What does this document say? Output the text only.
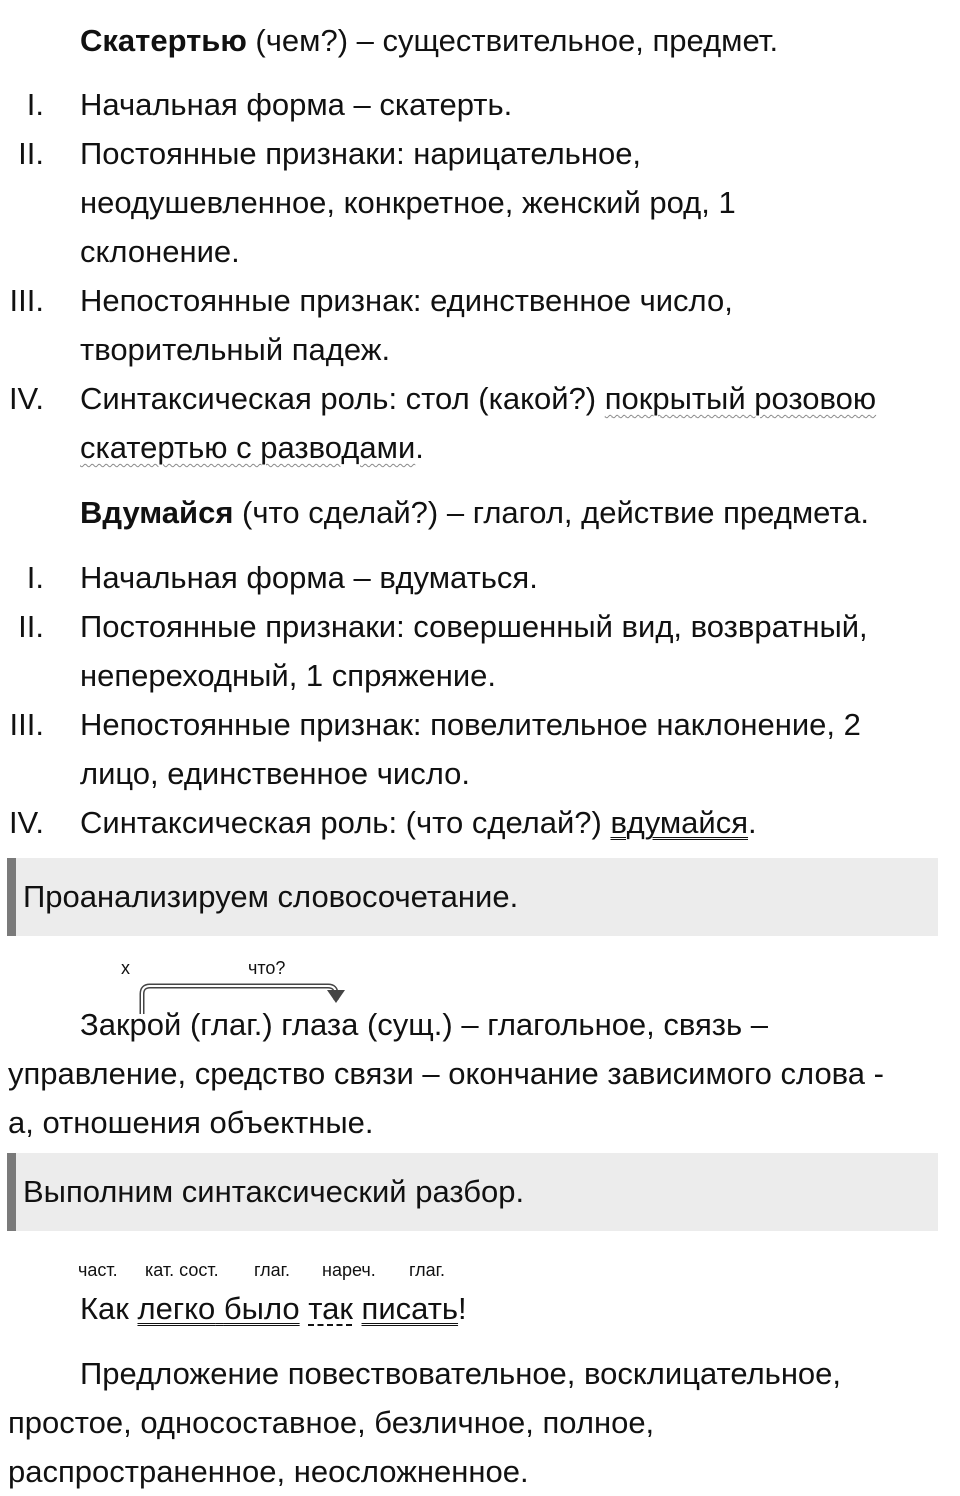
Скатертью (чем?) – существительное, предмет.
I. Начальная форма – скатерть.
II. Постоянные признаки: нарицательное,
неодушевленное, конкретное, женский род, 1
склонение.
III. Непостоянные признак: единственное число,
творительный падеж.
IV. Синтаксическая роль: стол (какой?) покрытый розовою
скатертью с разводами.
Вдумайся (что сделай?) – глагол, действие предмета.
I. Начальная форма – вдуматься.
II. Постоянные признаки: совершенный вид, возвратный,
непереходный, 1 спряжение.
III. Непостоянные признак: повелительное наклонение, 2
лицо, единственное число.
IV. Синтаксическая роль: (что сделай?) вдумайся.
Проанализируем словосочетание.
х	что?
Закрой (глаг.) глаза (сущ.) – глагольное, связь –
управление, средство связи – окончание зависимого слова -
а, отношения объектные.
Выполним синтаксический разбор.
част. кат. сост. глаг. нареч. глаг.
Как легко было так писать!
Предложение повествовательное, восклицательное,
простое, односоставное, безличное, полное,
распространенное, неосложненное.
